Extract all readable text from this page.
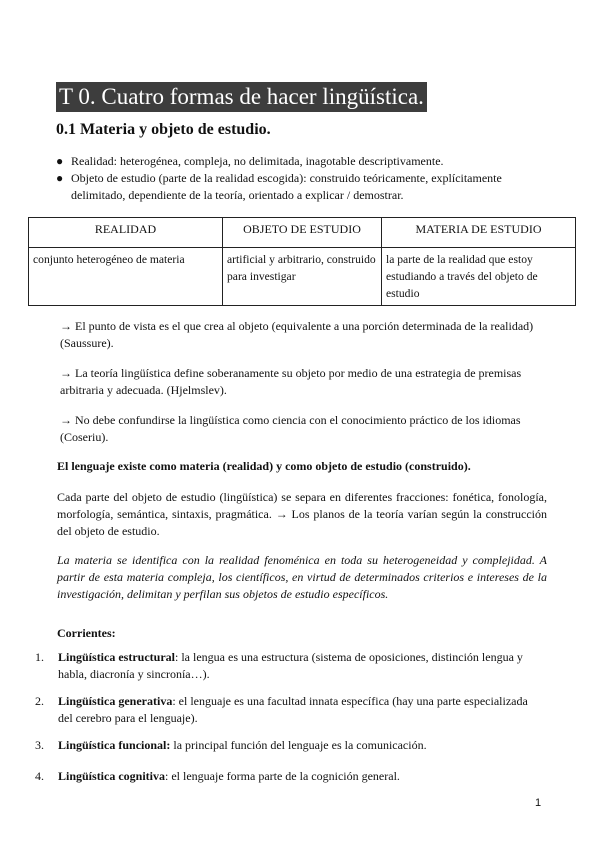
T 0. Cuatro formas de hacer lingüística.
0.1 Materia y objeto de estudio.
● Realidad: heterogénea, compleja, no delimitada, inagotable descriptivamente.
● Objeto de estudio (parte de la realidad escogida): construido teóricamente, explícitamente delimitado, dependiente de la teoría, orientado a explicar / demostrar.
REALIDAD	OBJETO DE ESTUDIO	MATERIA DE ESTUDIO
conjunto heterogéneo de materia	artificial y arbitrario, construido para investigar	la parte de la realidad que estoy estudiando a través del objeto de estudio
→ El punto de vista es el que crea al objeto (equivalente a una porción determinada de la realidad) (Saussure).
→ La teoría lingüística define soberanamente su objeto por medio de una estrategia de premisas arbitraria y adecuada. (Hjelmslev).
→ No debe confundirse la lingüística como ciencia con el conocimiento práctico de los idiomas (Coseriu).
El lenguaje existe como materia (realidad) y como objeto de estudio (construido).
Cada parte del objeto de estudio (lingüística) se separa en diferentes fracciones: fonética, fonología, morfología, semántica, sintaxis, pragmática. → Los planos de la teoría varían según la construcción del objeto de estudio.
La materia se identifica con la realidad fenoménica en toda su heterogeneidad y complejidad. A partir de esta materia compleja, los científicos, en virtud de determinados criterios e intereses de la investigación, delimitan y perfilan sus objetos de estudio específicos.
Corrientes:
1. Lingüística estructural: la lengua es una estructura (sistema de oposiciones, distinción lengua y habla, diacronía y sincronía…).
2. Lingüística generativa: el lenguaje es una facultad innata específica (hay una parte especializada del cerebro para el lenguaje).
3. Lingüística funcional: la principal función del lenguaje es la comunicación.
4. Lingüística cognitiva: el lenguaje forma parte de la cognición general.
1
